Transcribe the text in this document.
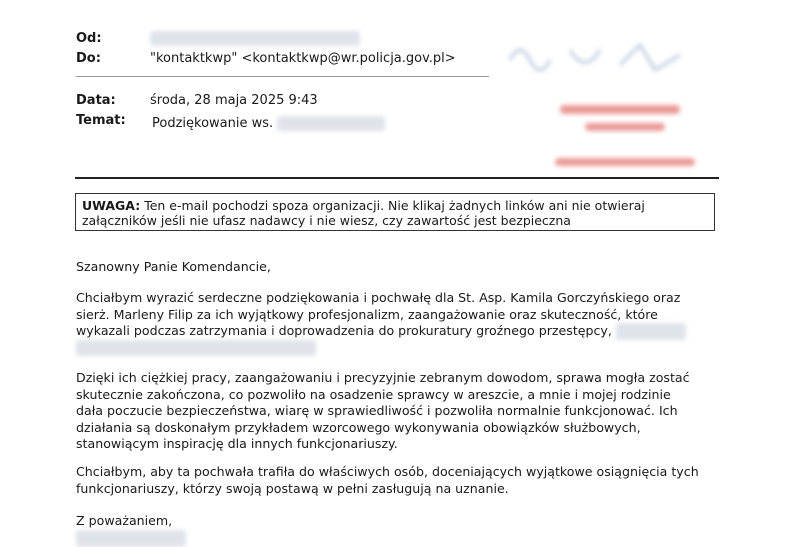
Od:
Do:	"kontaktkwp" <kontaktkwp@wr.policja.gov.pl>
Data:	środa, 28 maja 2025 9:43
Temat: Podziękowanie ws.
UWAGA: Ten e-mail pochodzi spoza organizacji. Nie klikaj żadnych linków ani nie otwieraj
załączników jeśli nie ufasz nadawcy i nie wiesz, czy zawartość jest bezpieczna
Szanowny Panie Komendancie,
Chciałbym wyrazić serdeczne podziękowania i pochwałę dla St. Asp. Kamila Gorczyńskiego oraz
sierż. Marleny Filip za ich wyjątkowy profesjonalizm, zaangażowanie oraz skuteczność, które
wykazali podczas zatrzymania i doprowadzenia do prokuratury groźnego przestępcy,
Dzięki ich ciężkiej pracy, zaangażowaniu i precyzyjnie zebranym dowodom, sprawa mogła zostać
skutecznie zakończona, co pozwoliło na osadzenie sprawcy w areszcie, a mnie i mojej rodzinie
dała poczucie bezpieczeństwa, wiarę w sprawiedliwość i pozwoliła normalnie funkcjonować. Ich
działania są doskonałym przykładem wzorcowego wykonywania obowiązków służbowych,
stanowiącym inspirację dla innych funkcjonariuszy.
Chciałbym, aby ta pochwała trafiła do właściwych osób, doceniających wyjątkowe osiągnięcia tych
funkcjonariuszy, którzy swoją postawą w pełni zasługują na uznanie.
Z poważaniem,
